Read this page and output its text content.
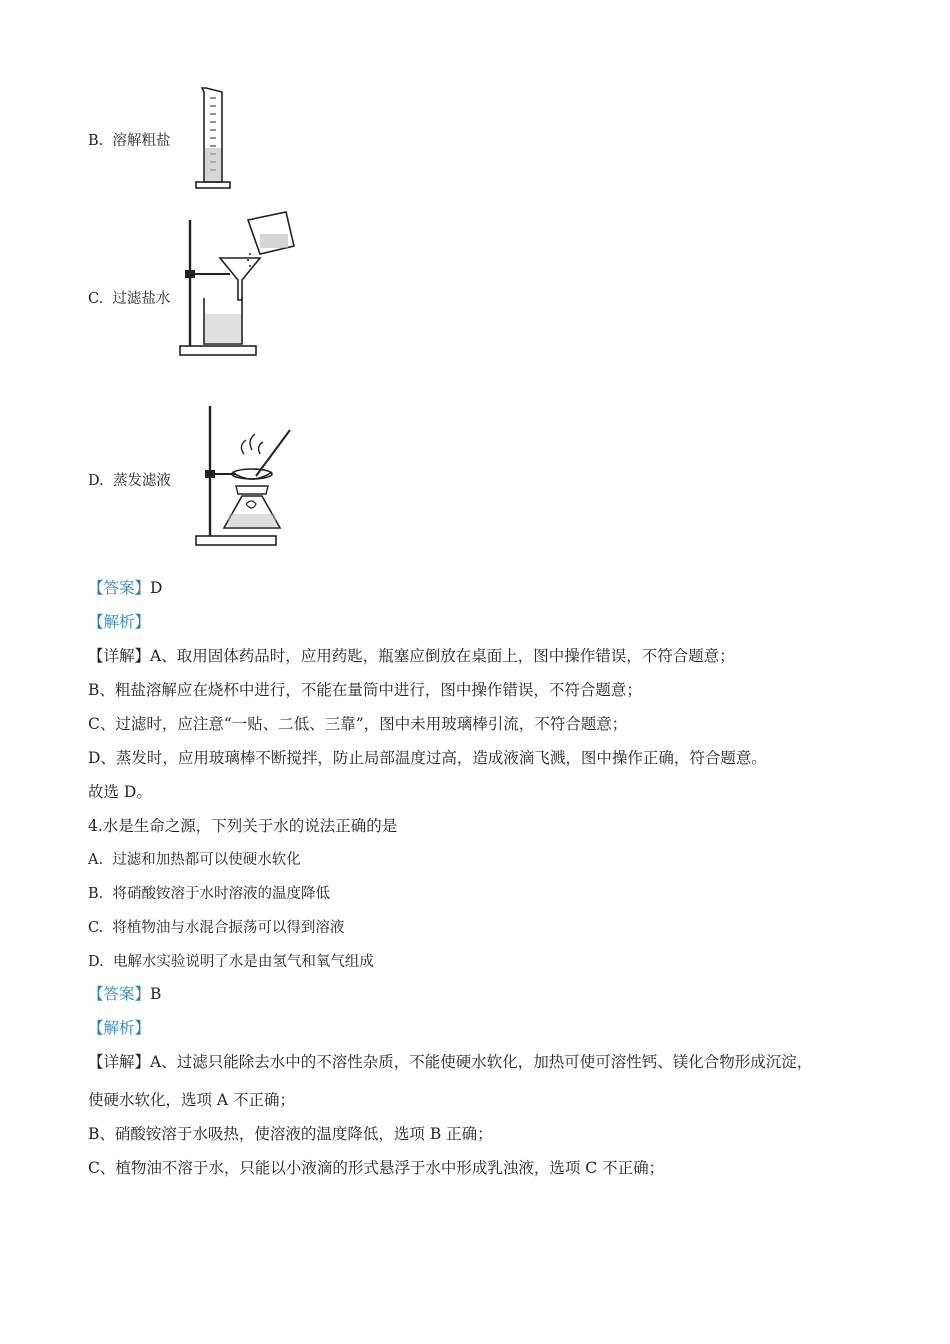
B. 溶解粗盐
C. 过滤盐水
D. 蒸发滤液
【答案】D
【解析】
【详解】A、取用固体药品时，应用药匙，瓶塞应倒放在桌面上，图中操作错误，不符合题意；
B、粗盐溶解应在烧杯中进行，不能在量筒中进行，图中操作错误，不符合题意；
C、过滤时，应注意“一贴、二低、三靠”，图中未用玻璃棒引流，不符合题意；
D、蒸发时，应用玻璃棒不断搅拌，防止局部温度过高，造成液滴飞溅，图中操作正确，符合题意。
故选 D。
4.水是生命之源，下列关于水的说法正确的是
A. 过滤和加热都可以使硬水软化
B. 将硝酸铵溶于水时溶液的温度降低
C. 将植物油与水混合振荡可以得到溶液
D. 电解水实验说明了水是由氢气和氧气组成
【答案】B
【解析】
【详解】A、过滤只能除去水中的不溶性杂质，不能使硬水软化，加热可使可溶性钙、镁化合物形成沉淀，
使硬水软化，选项 A 不正确；
B、硝酸铵溶于水吸热，使溶液的温度降低，选项 B 正确；
C、植物油不溶于水，只能以小液滴的形式悬浮于水中形成乳浊液，选项 C 不正确；
